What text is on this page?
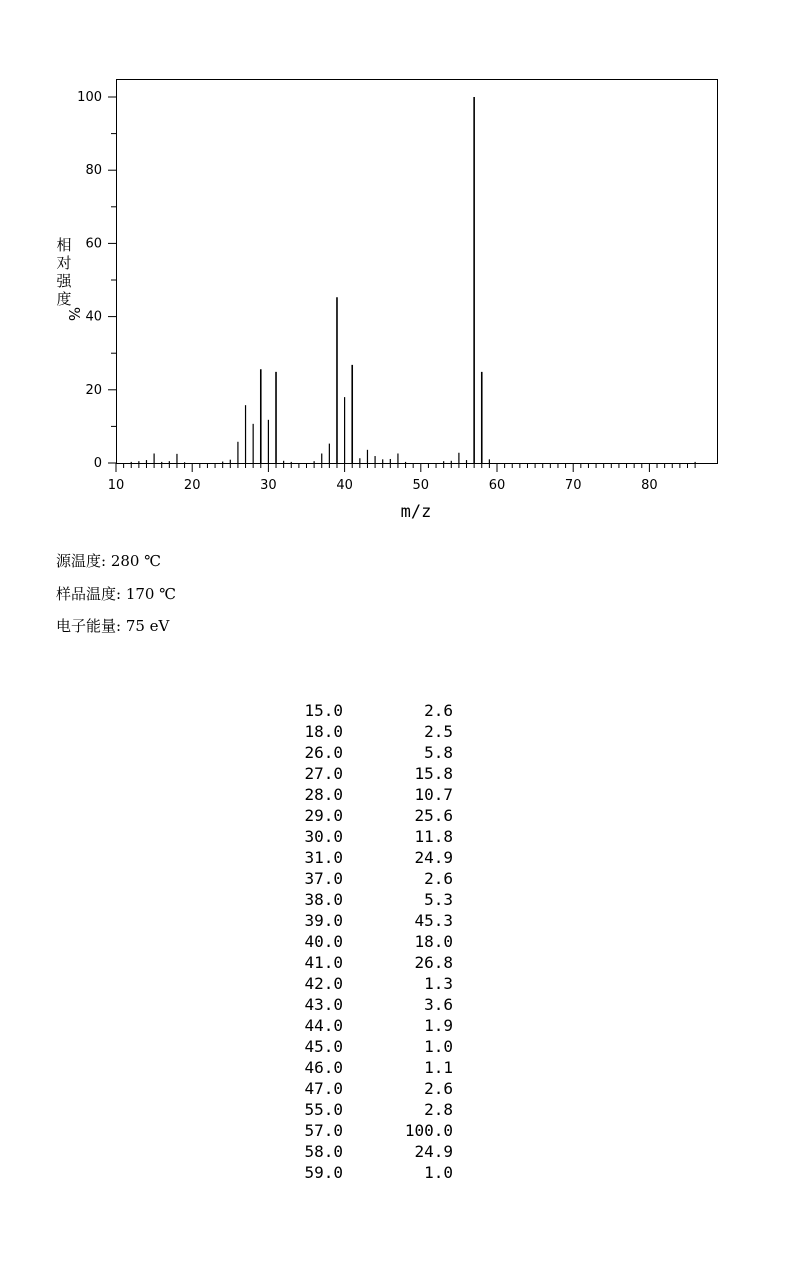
0
20
40
60
80
100
10	20	30	40	50	60	70	80
相
对
强
度
%
m/z
源温度: 280 ℃
样品温度: 170 ℃
电子能量: 75 eV
15.0	2.6
18.0	2.5
26.0	5.8
27.0	15.8
28.0	10.7
29.0	25.6
30.0	11.8
31.0	24.9
37.0	2.6
38.0	5.3
39.0	45.3
40.0	18.0
41.0	26.8
42.0	1.3
43.0	3.6
44.0	1.9
45.0	1.0
46.0	1.1
47.0	2.6
55.0	2.8
57.0	100.0
58.0	24.9
59.0	1.0
